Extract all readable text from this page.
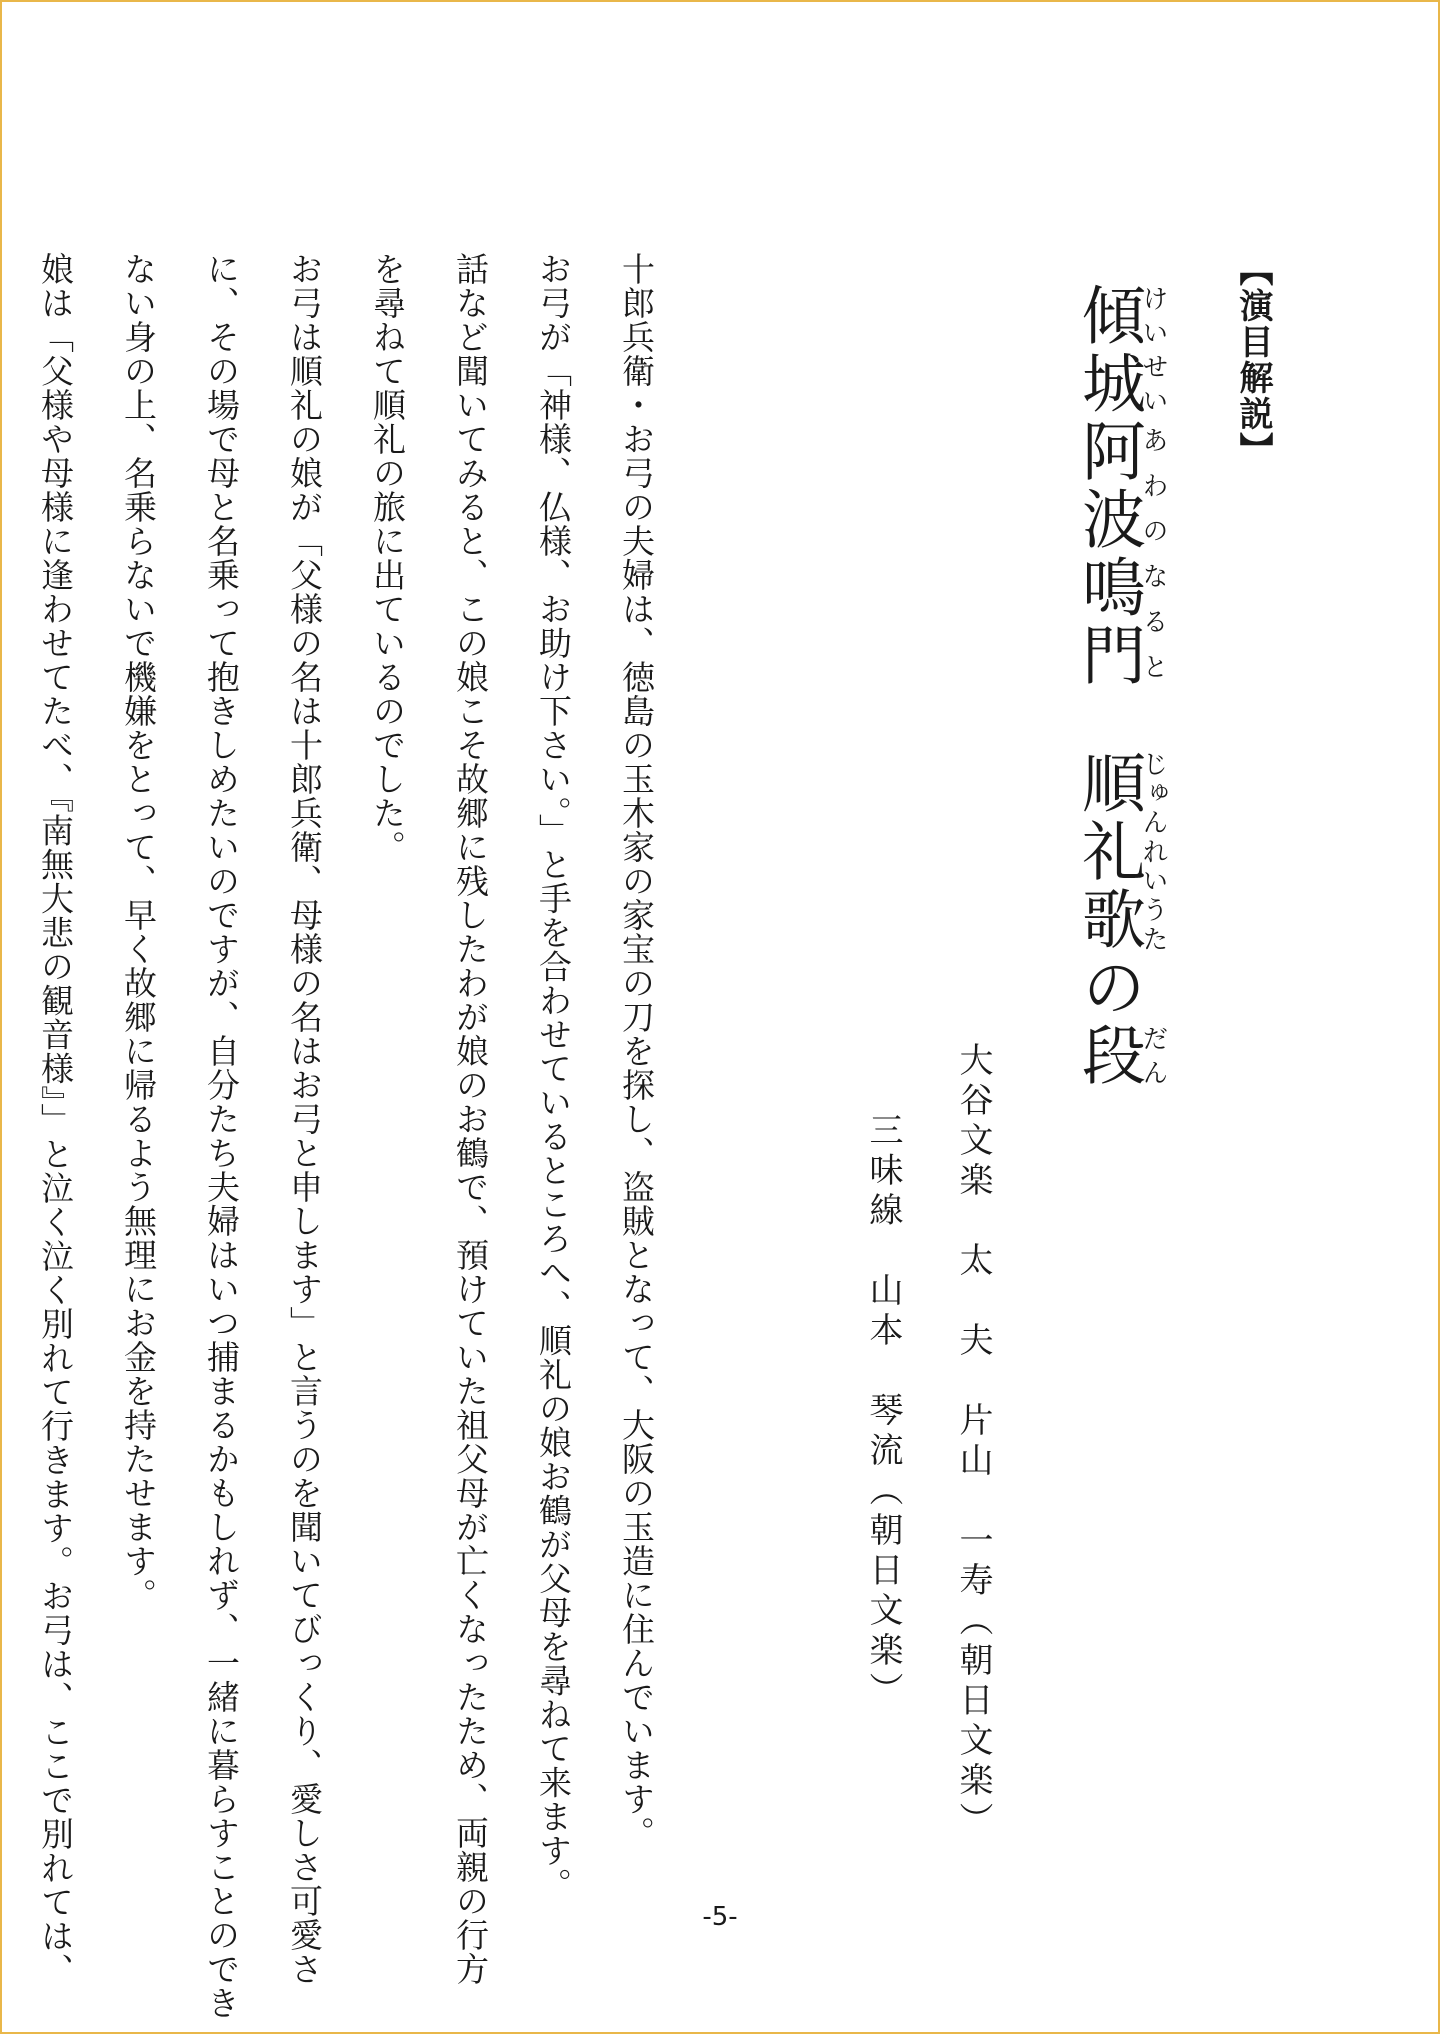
【演目解説】
傾城けいせい阿波あわの鳴門なると順礼歌じゅんれいうたの段だん
大谷文楽　太　夫　片山　一寿（朝日文楽）
三味線　山本　琴流（朝日文楽）

十郎兵衛・お弓の夫婦は、徳島の玉木家の家宝の刀を探し、盗賊となって、大阪の玉造に住んでいます。

お弓が「神様、仏様、お助け下さい。」と手を合わせているところへ、順礼の娘お鶴が父母を尋ねて来ます。

話など聞いてみると、この娘こそ故郷に残したわが娘のお鶴で、預けていた祖父母が亡くなったため、両親の行方

を尋ねて順礼の旅に出ているのでした。

お弓は順礼の娘が「父様の名は十郎兵衛、母様の名はお弓と申します」と言うのを聞いてびっくり、愛しさ可愛さ

に、その場で母と名乗って抱きしめたいのですが、自分たち夫婦はいつ捕まるかもしれず、一緒に暮らすことのでき

ない身の上、名乗らないで機嫌をとって、早く故郷に帰るよう無理にお金を持たせます。

娘は「父様や母様に逢わせてたべ、『南無大悲の観音様』」と泣く泣く別れて行きます。お弓は、ここで別れては、	-5-
